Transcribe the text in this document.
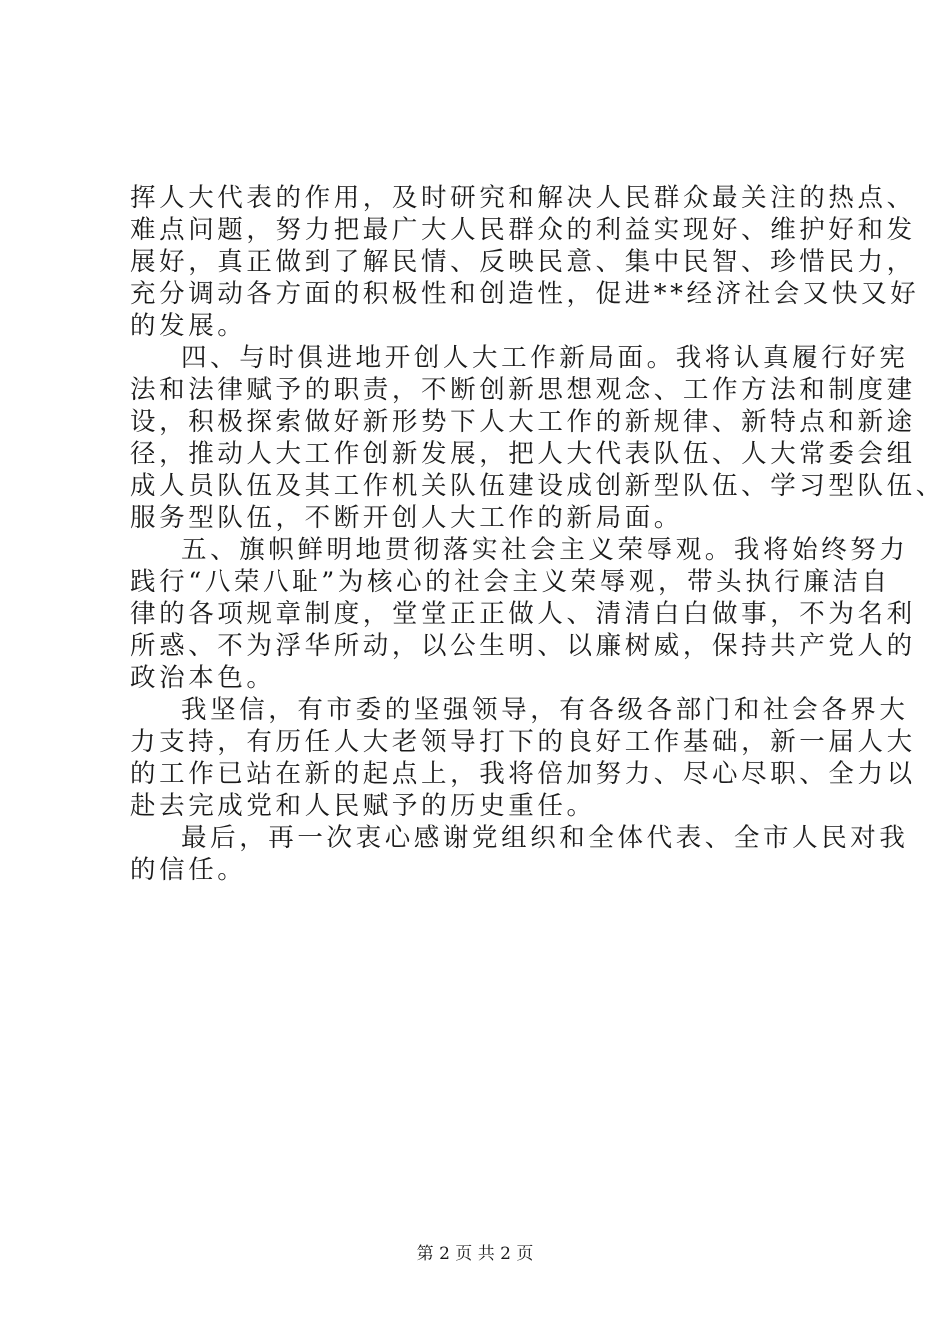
挥人大代表的作用，及时研究和解决人民群众最关注的热点、
难点问题，努力把最广大人民群众的利益实现好、维护好和发
展好，真正做到了解民情、反映民意、集中民智、珍惜民力，
充分调动各方面的积极性和创造性，促进**经济社会又快又好
的发展。
四、与时俱进地开创人大工作新局面。我将认真履行好宪
法和法律赋予的职责，不断创新思想观念、工作方法和制度建
设，积极探索做好新形势下人大工作的新规律、新特点和新途
径，推动人大工作创新发展，把人大代表队伍、人大常委会组
成人员队伍及其工作机关队伍建设成创新型队伍、学习型队伍、
服务型队伍，不断开创人大工作的新局面。
五、旗帜鲜明地贯彻落实社会主义荣辱观。我将始终努力
践行“八荣八耻”为核心的社会主义荣辱观，带头执行廉洁自
律的各项规章制度，堂堂正正做人、清清白白做事，不为名利
所惑、不为浮华所动，以公生明、以廉树威，保持共产党人的
政治本色。
我坚信，有市委的坚强领导，有各级各部门和社会各界大
力支持，有历任人大老领导打下的良好工作基础，新一届人大
的工作已站在新的起点上，我将倍加努力、尽心尽职、全力以
赴去完成党和人民赋予的历史重任。
最后，再一次衷心感谢党组织和全体代表、全市人民对我
的信任。
第 2 页 共 2 页
